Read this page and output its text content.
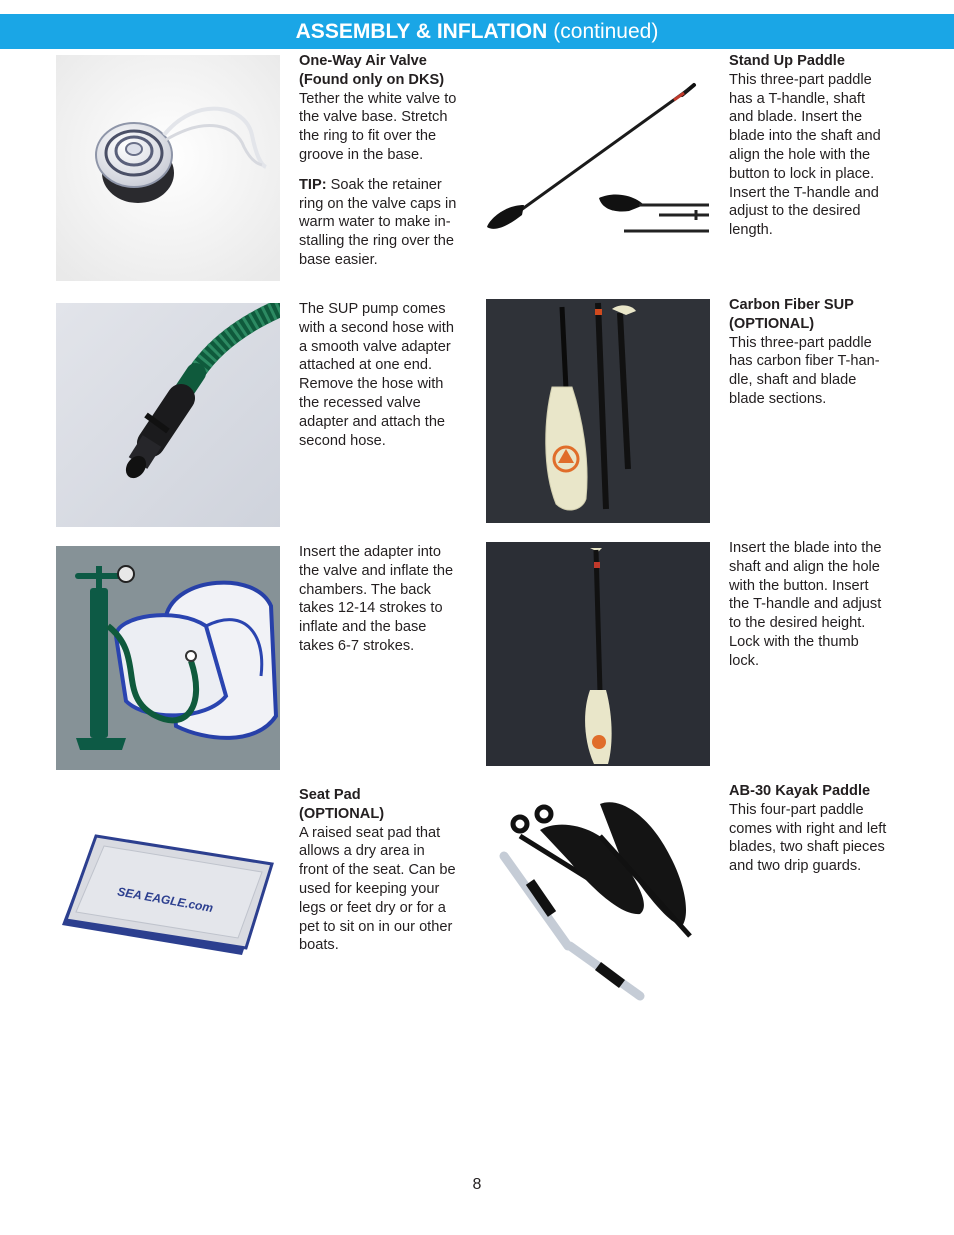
ASSEMBLY & INFLATION (continued)

One-Way Air Valve

(Found only on DKS)

Tether the white valve to

the valve base. Stretch

the ring to fit over the

groove in the base.

TIP: Soak the retainer

ring on the valve caps in

warm water to make in-

stalling the ring over the

base easier.

The SUP pump comes

with a second hose with

a smooth valve adapter

attached at one end.

Remove the hose with

the recessed valve

adapter and attach the

second hose.

Insert the adapter into

the valve and inflate the

chambers. The back

takes 12-14 strokes to

inflate and the base

takes 6-7 strokes.

SEA EAGLE.com

Seat Pad

(OPTIONAL)

A raised seat pad that

allows a dry area in

front of the seat. Can be

used for keeping your

legs or feet dry or for a

pet to sit on in our other

boats.

Stand Up Paddle

This three-part paddle

has a T-handle, shaft

and blade. Insert the

blade into the shaft and

align the hole with the

button to lock in place.

Insert the T-handle and

adjust to the desired

length.

Carbon Fiber SUP

(OPTIONAL)

This three-part paddle

has carbon fiber T-han-

dle, shaft and blade

blade sections.

Insert the blade into the

shaft and align the hole

with the button. Insert

the T-handle and adjust

to the desired height.

Lock with the thumb

lock.

AB-30 Kayak Paddle

This four-part paddle

comes with right and left

blades, two shaft pieces

and two drip guards.

8
